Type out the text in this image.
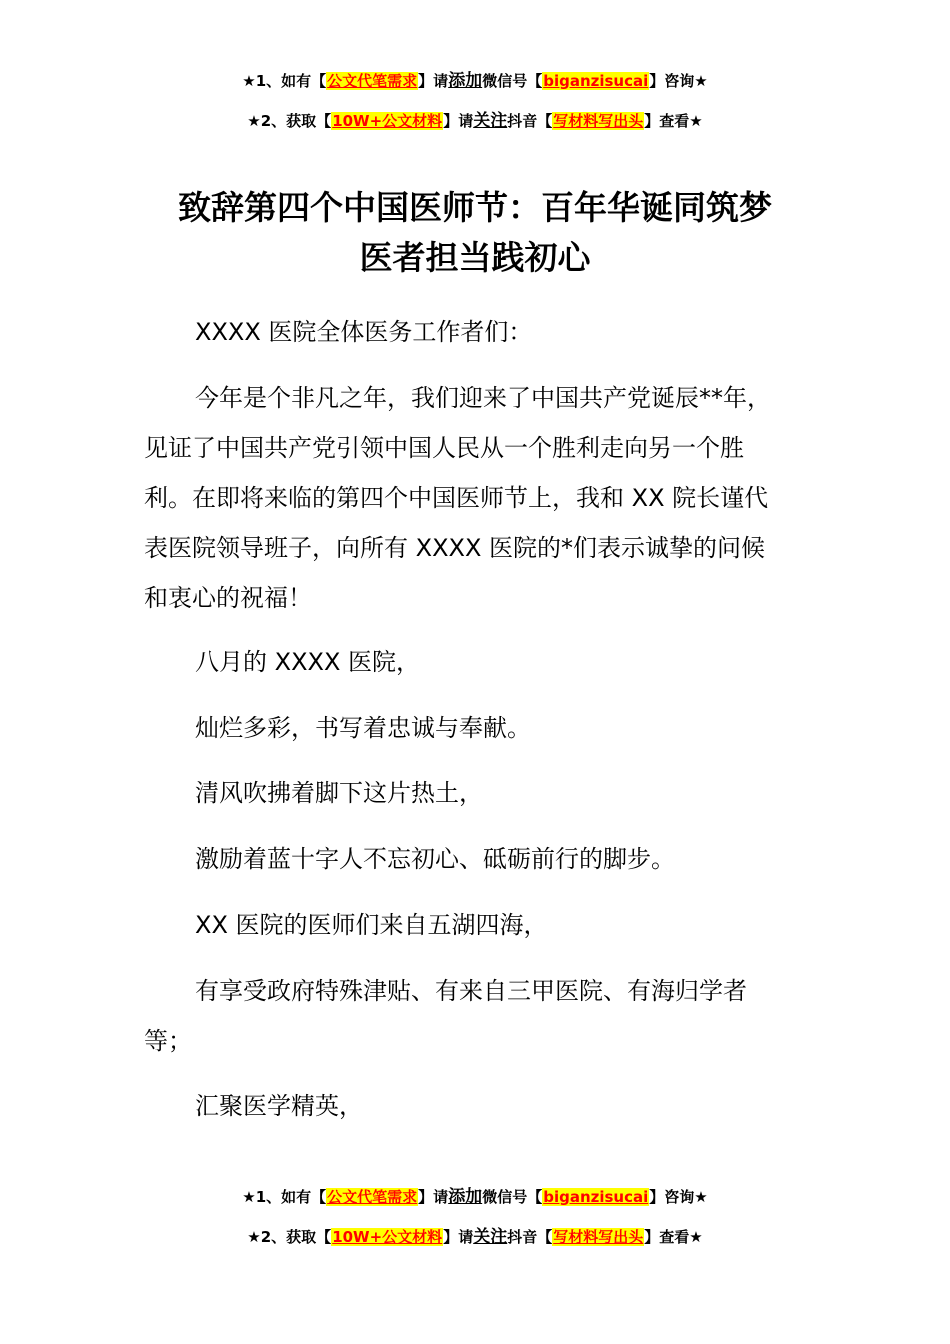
★1、如有【公文代笔需求】请添加微信号【biganzisucai】咨询★
★2、获取【10W+公文材料】请关注抖音【写材料写出头】查看★
致辞第四个中国医师节：百年华诞同筑梦
医者担当践初心
XXXX 医院全体医务工作者们：
今年是个非凡之年，我们迎来了中国共产党诞辰**年，
见证了中国共产党引领中国人民从一个胜利走向另一个胜
利。在即将来临的第四个中国医师节上，我和 XX 院长谨代
表医院领导班子，向所有 XXXX 医院的*们表示诚挚的问候
和衷心的祝福！
八月的 XXXX 医院，
灿烂多彩，书写着忠诚与奉献。
清风吹拂着脚下这片热土，
激励着蓝十字人不忘初心、砥砺前行的脚步。
XX 医院的医师们来自五湖四海，
有享受政府特殊津贴、有来自三甲医院、有海归学者
等；
汇聚医学精英，
★1、如有【公文代笔需求】请添加微信号【biganzisucai】咨询★
★2、获取【10W+公文材料】请关注抖音【写材料写出头】查看★
